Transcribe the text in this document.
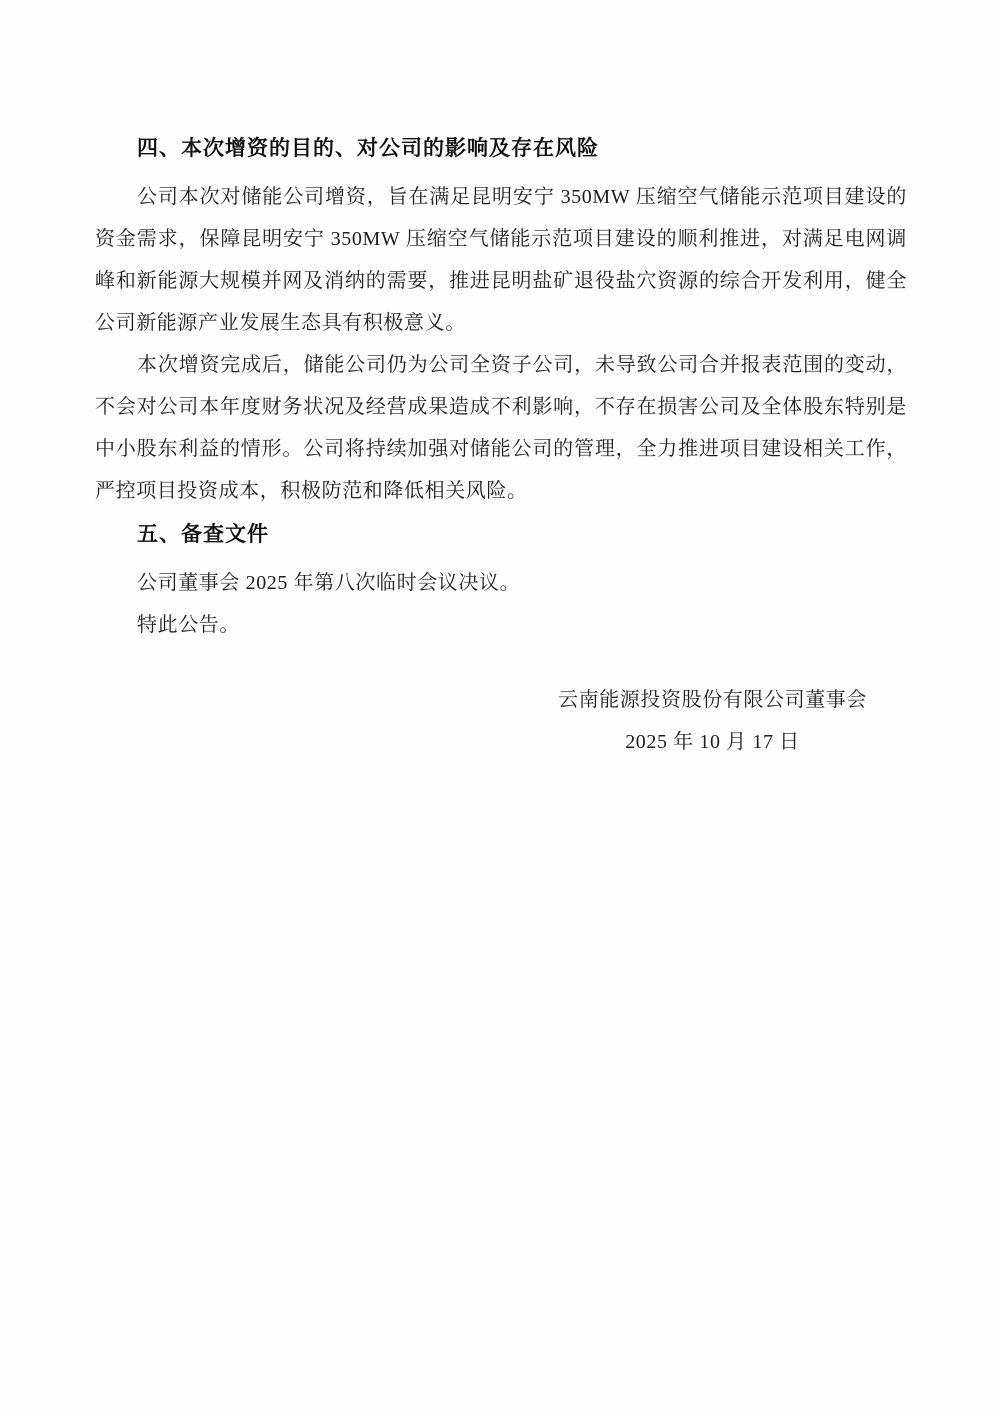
四、本次增资的目的、对公司的影响及存在风险

公司本次对储能公司增资，旨在满足昆明安宁 350MW 压缩空气储能示范项目建设的资金需求，保障昆明安宁 350MW 压缩空气储能示范项目建设的顺利推进，对满足电网调峰和新能源大规模并网及消纳的需要，推进昆明盐矿退役盐穴资源的综合开发利用，健全公司新能源产业发展生态具有积极意义。

本次增资完成后，储能公司仍为公司全资子公司，未导致公司合并报表范围的变动，不会对公司本年度财务状况及经营成果造成不利影响，不存在损害公司及全体股东特别是中小股东利益的情形。公司将持续加强对储能公司的管理，全力推进项目建设相关工作，严控项目投资成本，积极防范和降低相关风险。

五、备查文件

公司董事会 2025 年第八次临时会议决议。

特此公告。

云南能源投资股份有限公司董事会
2025 年 10 月 17 日
